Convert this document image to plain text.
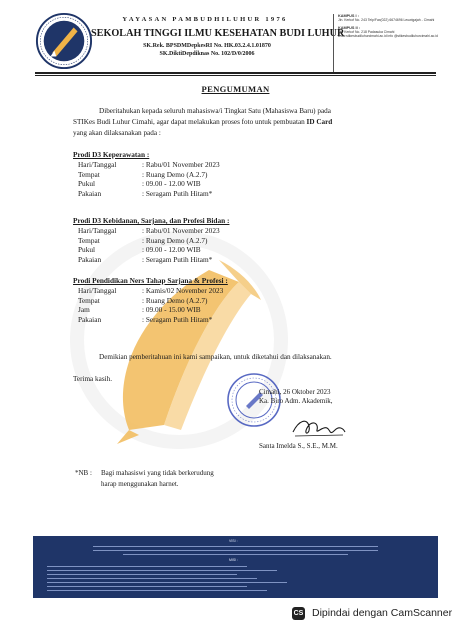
YAYASAN PAMBUDHILUHUR 1976
SEKOLAH TINGGI ILMU KESEHATAN BUDI LUHUR
SK.Rek. BPSDMDepkesRI No. HK.03.2.4.1.01870
SK.DiktiDepdiknas No. 102/D/0/2006
KAMPUS I :
Jln. Kerkof No. 243 Telp/Fax(022) 6674696 Leuwigajah - Cimahi
KAMPUS II :
Jln. Kerkof No. 218 Padasuka Cimahi www.stikesbudiluhurcimahi.ac.id info @stikesbudiluhurcimahi.ac.id
PENGUMUMAN
Diberitahukan kepada seluruh mahasiswa/i Tingkat Satu (Mahasiswa Baru) pada
STIKes Budi Luhur Cimahi, agar dapat melakukan proses foto untuk pembuatan ID Card
yang akan dilaksanakan pada :
Prodi D3 Keperawatan :
Hari/Tanggal	: Rabu/01 November 2023
Tempat	: Ruang Demo (A.2.7)
Pukul	: 09.00 - 12.00 WIB
Pakaian	: Seragam Putih Hitam*
Prodi D3 Kebidanan, Sarjana, dan Profesi Bidan :
Hari/Tanggal	: Rabu/01 November 2023
Tempat	: Ruang Demo (A.2.7)
Pukul	: 09.00 - 12.00 WIB
Pakaian	: Seragam Putih Hitam*
Prodi Pendidikan Ners Tahap Sarjana & Profesi :
Hari/Tanggal	: Kamis/02 November 2023
Tempat	: Ruang Demo (A.2.7)
Jam	: 09.00 - 15.00 WIB
Pakaian	: Seragam Putih Hitam*
Demikian pemberitahuan ini kami sampaikan, untuk diketahui dan dilaksanakan.
Terima kasih.
Cimahi, 26 Oktober 2023
Ka. Biro Adm. Akademik,
Santa Imelda S., S.E., M.M.
*NB :	Bagi mahasiswi yang tidak berkerudung
harap menggunakan harnet.
VISI :
MISI :
CS Dipindai dengan CamScanner
